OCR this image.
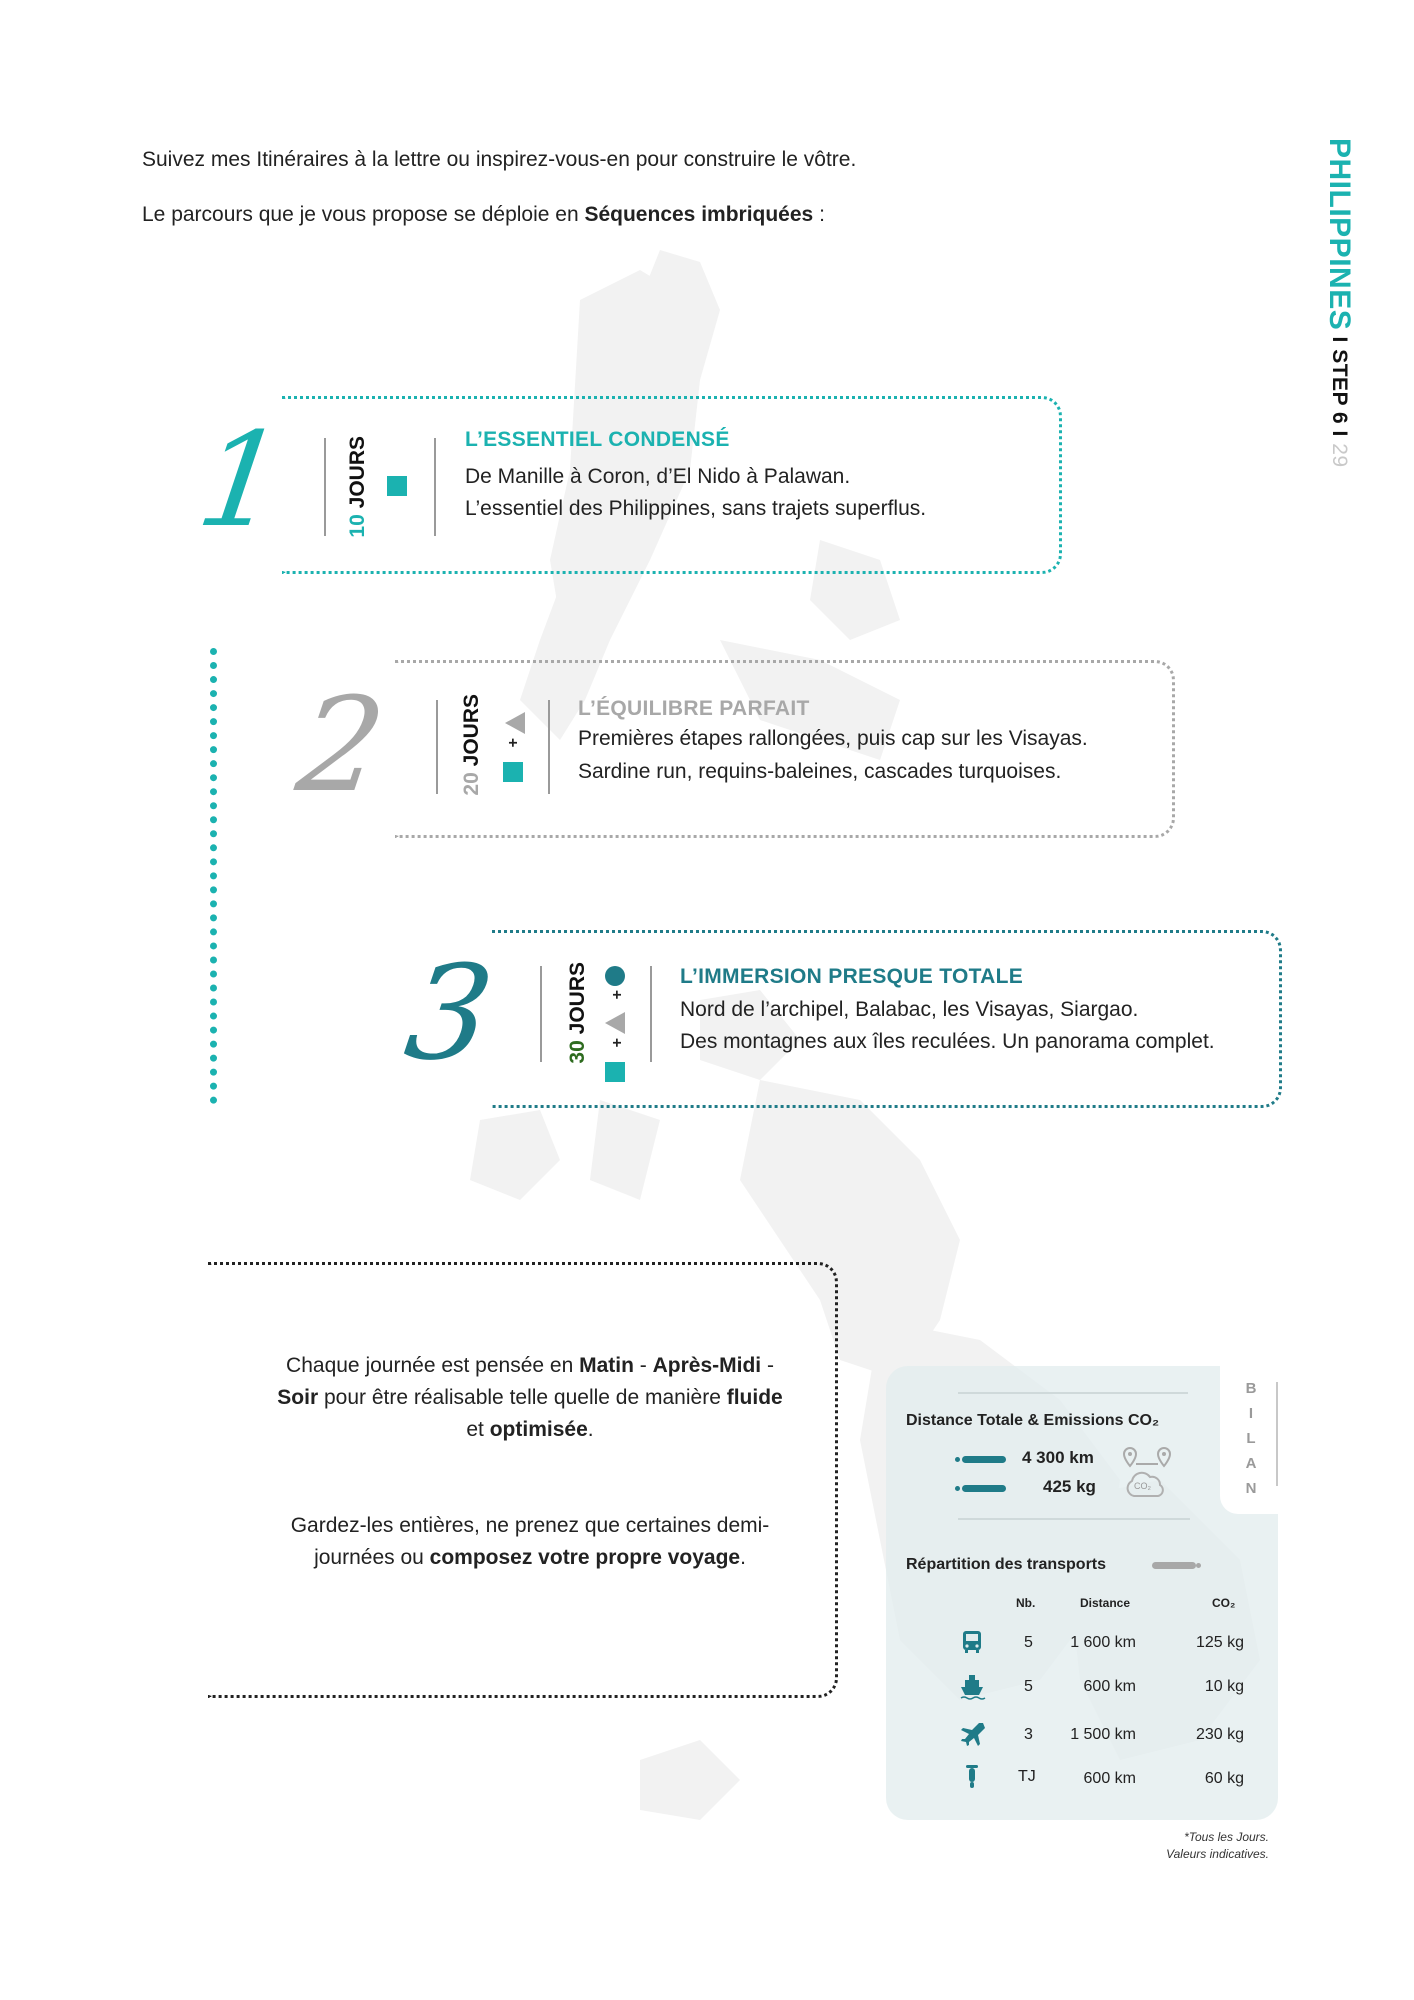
Suivez mes Itinéraires à la lettre ou inspirez-vous-en pour construire le vôtre.
Le parcours que je vous propose se déploie en Séquences imbriquées :	PHILIPPINES I STEP 6 I 29
1	10 JOURS	L’ESSENTIEL CONDENSÉ
De Manille à Coron, d’El Nido à Palawan.
L’essentiel des Philippines, sans trajets superflus.
2	20 JOURS +
L’ÉQUILIBRE PARFAIT
Premières étapes rallongées, puis cap sur les Visayas.
Sardine run, requins-baleines, cascades turquoises.
3	30 JOURS +
+
L’IMMERSION PRESQUE TOTALE
Nord de l’archipel, Balabac, les Visayas, Siargao.
Des montagnes aux îles reculées. Un panorama complet.
Chaque journée est pensée en Matin - Après-Midi - Soir pour être réalisable telle quelle de manière fluide et optimisée.
Gardez-les entières, ne prenez que certaines demi-journées ou composez votre propre voyage.
B
I
L
A
N
Distance Totale & Emissions CO₂
4 300 km
425 kg	CO₂
Répartition des transports
Nb.	Distance	CO₂
5	1 600 km	125 kg
5	600 km	10 kg
3	1 500 km	230 kg
TJ	600 km	60 kg
*Tous les Jours.
Valeurs indicatives.
